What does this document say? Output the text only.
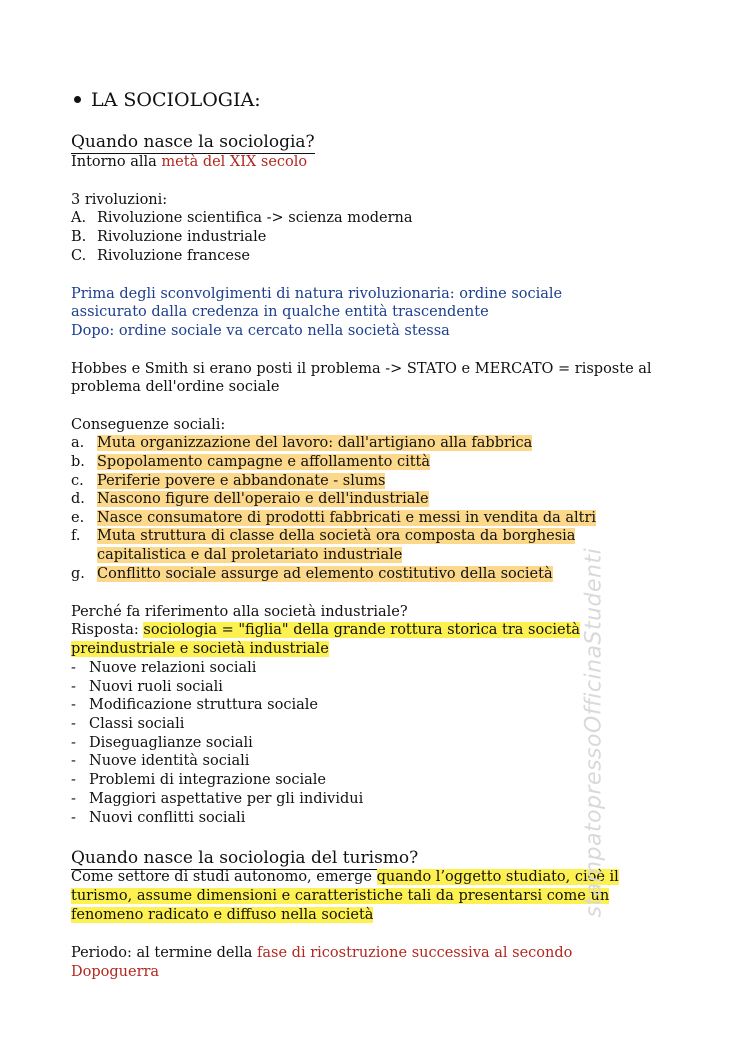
LA SOCIOLOGIA:
Quando nasce la sociologia?
Intorno alla metà del XIX secolo
3 rivoluzioni:
A. Rivoluzione scientifica -> scienza moderna
B. Rivoluzione industriale
C. Rivoluzione francese
Prima degli sconvolgimenti di natura rivoluzionaria: ordine sociale
assicurato dalla credenza in qualche entità trascendente
Dopo: ordine sociale va cercato nella società stessa
Hobbes e Smith si erano posti il problema -> STATO e MERCATO = risposte al
problema dell'ordine sociale
Conseguenze sociali:
a. Muta organizzazione del lavoro: dall'artigiano alla fabbrica
b. Spopolamento campagne e affollamento città
c. Periferie povere e abbandonate - slums
d. Nascono figure dell'operaio e dell'industriale
e. Nasce consumatore di prodotti fabbricati e messi in vendita da altri
f. Muta struttura di classe della società ora composta da borghesia
capitalistica e dal proletariato industriale
g. Conflitto sociale assurge ad elemento costitutivo della società
Perché fa riferimento alla società industriale?
Risposta: sociologia = "figlia" della grande rottura storica tra società
preindustriale e società industriale
- Nuove relazioni sociali
- Nuovi ruoli sociali
- Modificazione struttura sociale
- Classi sociali
- Diseguaglianze sociali
- Nuove identità sociali
- Problemi di integrazione sociale
- Maggiori aspettative per gli individui
- Nuovi conflitti sociali
Quando nasce la sociologia del turismo?
Come settore di studi autonomo, emerge quando l’oggetto studiato, cioè il
turismo, assume dimensioni e caratteristiche tali da presentarsi come un
fenomeno radicato e diffuso nella società
Periodo: al termine della fase di ricostruzione successiva al secondo
Dopoguerra
stampatopressoOfficinaStudenti
